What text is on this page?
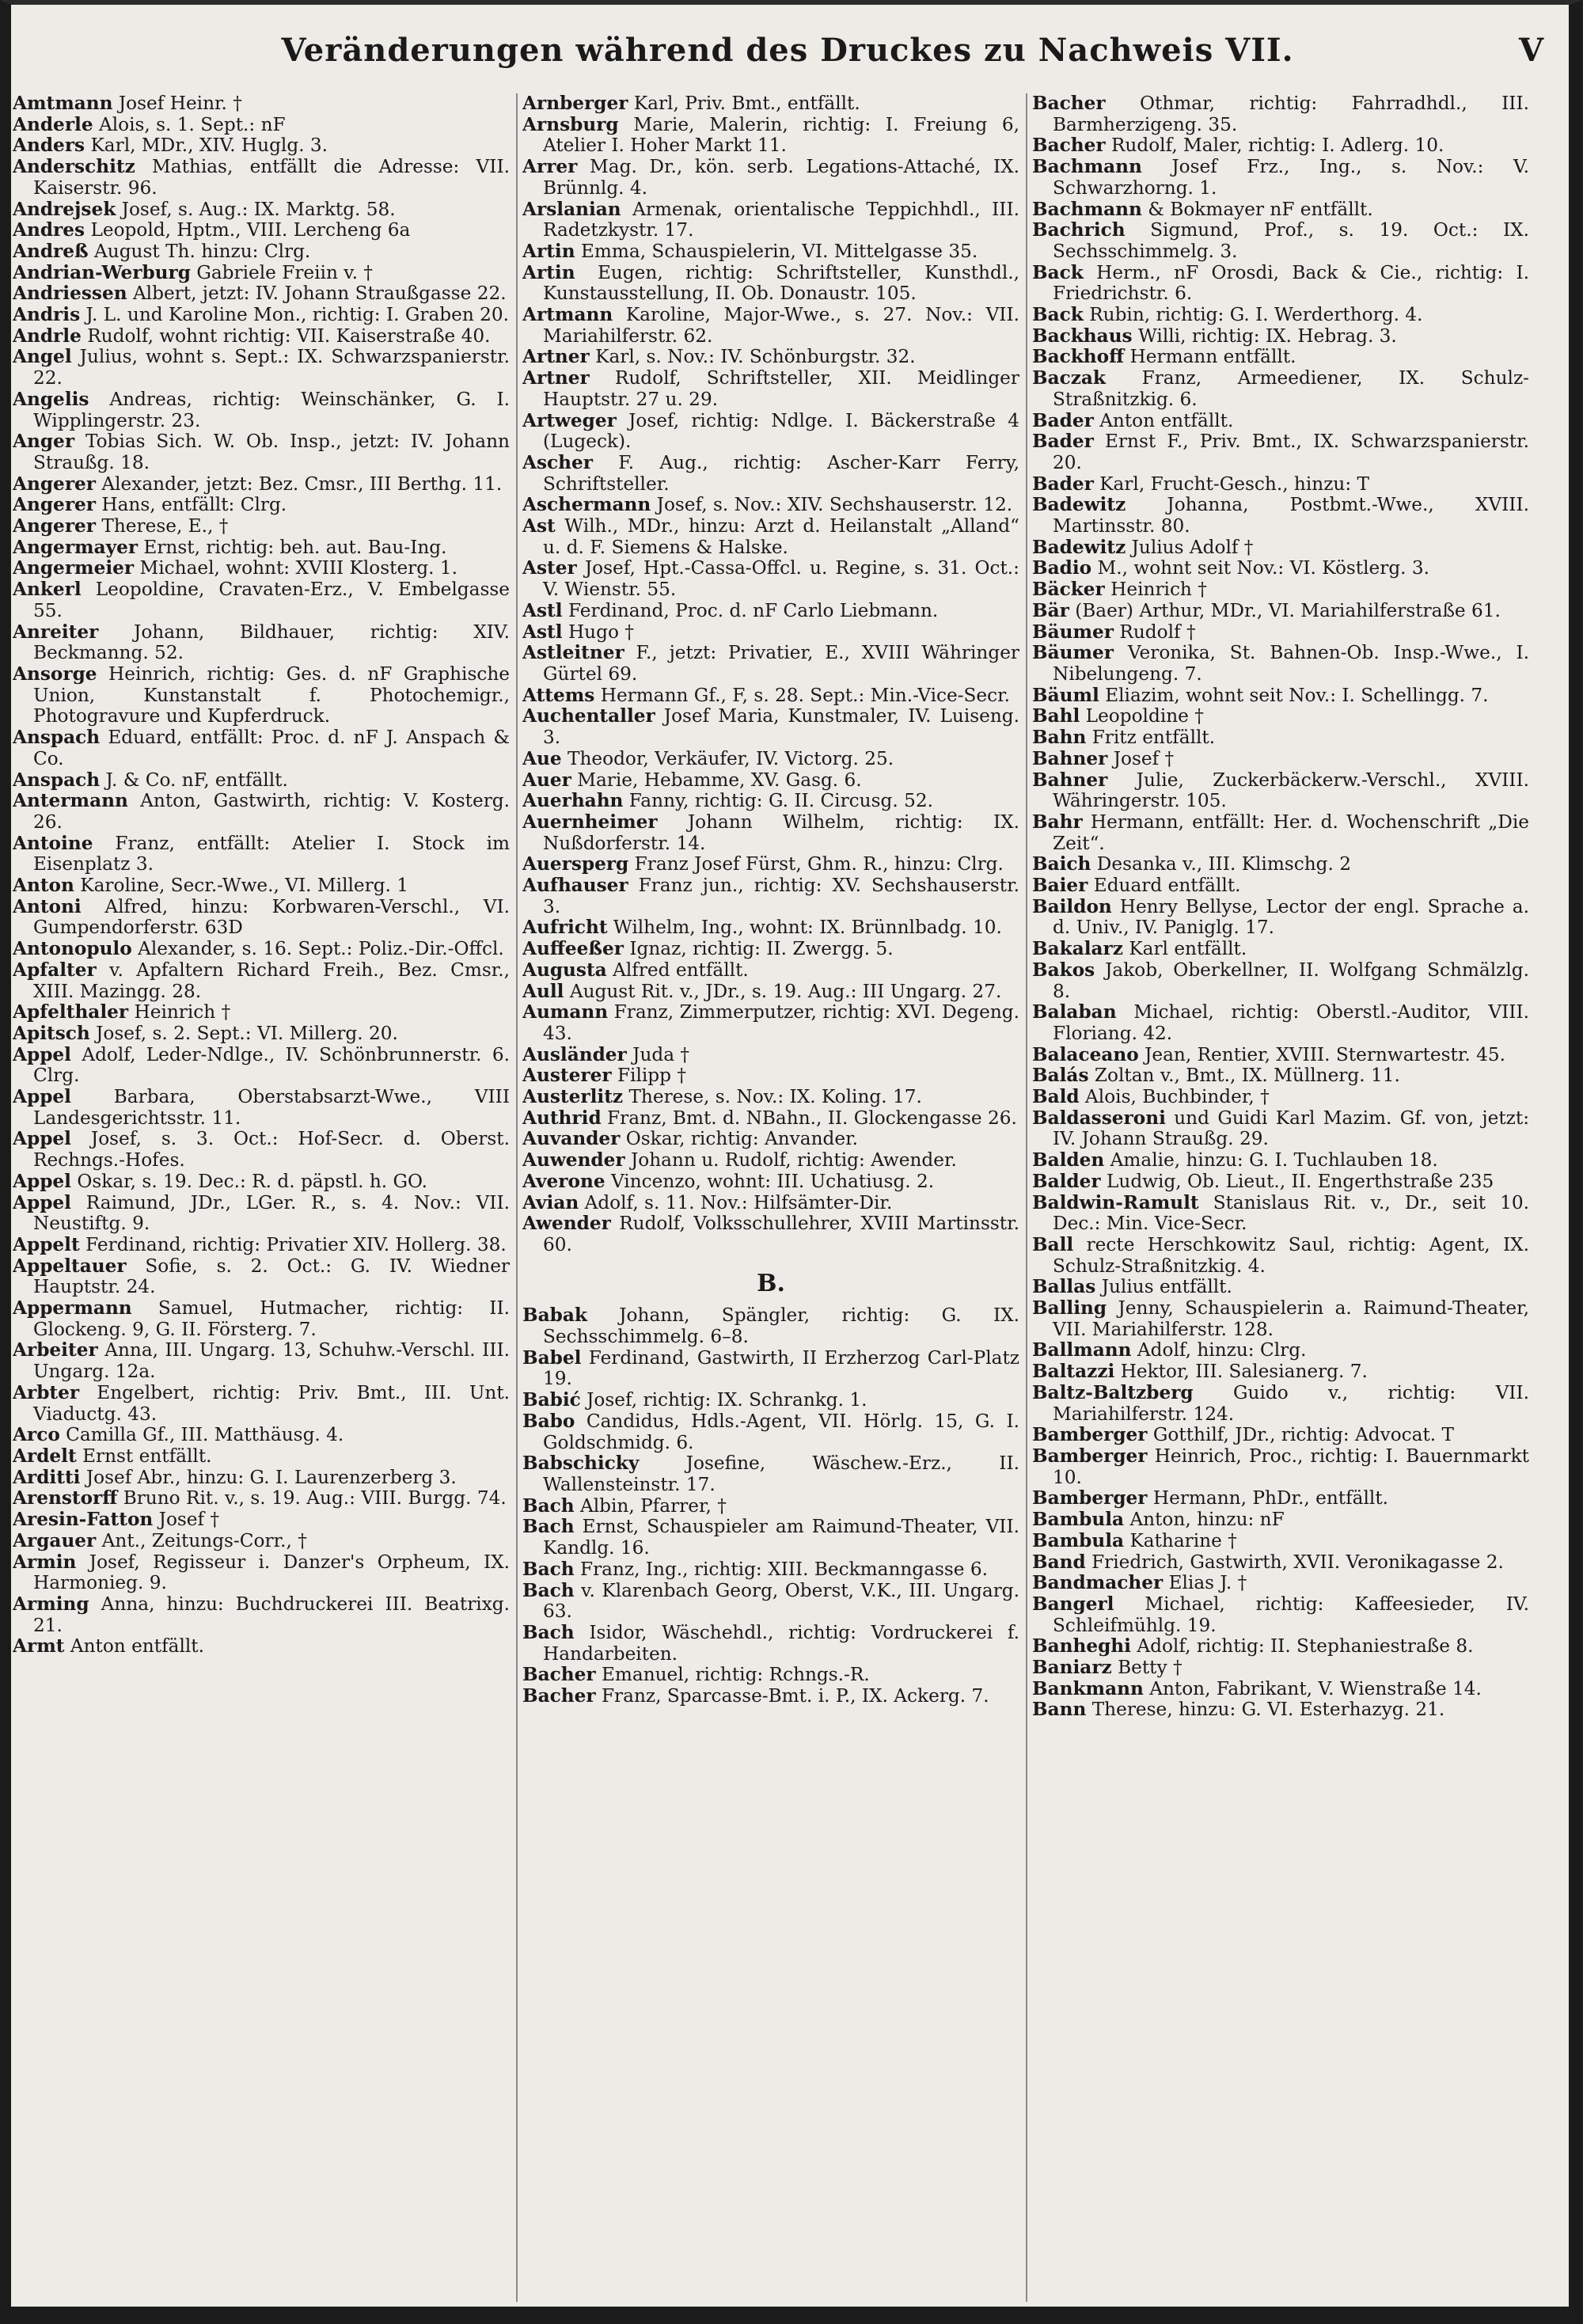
Veränderungen während des Druckes zu Nachweis VII.	V

Amtmann Josef Heinr. †

Anderle Alois, s. 1. Sept.: nF

Anders Karl, MDr., XIV. Huglg. 3.

Anderschitz Mathias, entfällt die Adresse: VII. Kaiserstr. 96.

Andrejsek Josef, s. Aug.: IX. Marktg. 58.

Andres Leopold, Hptm., VIII. Lercheng 6a

Andreß August Th. hinzu: Clrg.

Andrian-Werburg Gabriele Freiin v. †

Andriessen Albert, jetzt: IV. Johann Straußgasse 22.

Andris J. L. und Karoline Mon., richtig: I. Graben 20.

Andrle Rudolf, wohnt richtig: VII. Kaiserstraße 40.

Angel Julius, wohnt s. Sept.: IX. Schwarzspanierstr. 22.

Angelis Andreas, richtig: Weinschänker, G. I. Wipplingerstr. 23.

Anger Tobias Sich. W. Ob. Insp., jetzt: IV. Johann Straußg. 18.

Angerer Alexander, jetzt: Bez. Cmsr., III Berthg. 11.

Angerer Hans, entfällt: Clrg.

Angerer Therese, E., †

Angermayer Ernst, richtig: beh. aut. Bau-Ing.

Angermeier Michael, wohnt: XVIII Klosterg. 1.

Ankerl Leopoldine, Cravaten-Erz., V. Embelgasse 55.

Anreiter Johann, Bildhauer, richtig: XIV. Beckmanng. 52.

Ansorge Heinrich, richtig: Ges. d. nF Graphische Union, Kunstanstalt f. Photochemigr., Photogravure und Kupferdruck.

Anspach Eduard, entfällt: Proc. d. nF J. Anspach & Co.

Anspach J. & Co. nF, entfällt.

Antermann Anton, Gastwirth, richtig: V. Kosterg. 26.

Antoine Franz, entfällt: Atelier I. Stock im Eisenplatz 3.

Anton Karoline, Secr.-Wwe., VI. Millerg. 1

Antoni Alfred, hinzu: Korbwaren-Verschl., VI. Gumpendorferstr. 63D

Antonopulo Alexander, s. 16. Sept.: Poliz.-Dir.-Offcl.

Apfalter v. Apfaltern Richard Freih., Bez. Cmsr., XIII. Mazingg. 28.

Apfelthaler Heinrich †

Apitsch Josef, s. 2. Sept.: VI. Millerg. 20.

Appel Adolf, Leder-Ndlge., IV. Schönbrunnerstr. 6. Clrg.

Appel Barbara, Oberstabsarzt-Wwe., VIII Landesgerichtsstr. 11.

Appel Josef, s. 3. Oct.: Hof-Secr. d. Oberst. Rechngs.-Hofes.

Appel Oskar, s. 19. Dec.: R. d. päpstl. h. GO.

Appel Raimund, JDr., LGer. R., s. 4. Nov.: VII. Neustiftg. 9.

Appelt Ferdinand, richtig: Privatier XIV. Hollerg. 38.

Appeltauer Sofie, s. 2. Oct.: G. IV. Wiedner Hauptstr. 24.

Appermann Samuel, Hutmacher, richtig: II. Glockeng. 9, G. II. Försterg. 7.

Arbeiter Anna, III. Ungarg. 13, Schuhw.-Verschl. III. Ungarg. 12a.

Arbter Engelbert, richtig: Priv. Bmt., III. Unt. Viaductg. 43.

Arco Camilla Gf., III. Matthäusg. 4.

Ardelt Ernst entfällt.

Arditti Josef Abr., hinzu: G. I. Laurenzerberg 3.

Arenstorff Bruno Rit. v., s. 19. Aug.: VIII. Burgg. 74.

Aresin-Fatton Josef †

Argauer Ant., Zeitungs-Corr., †

Armin Josef, Regisseur i. Danzer's Orpheum, IX. Harmonieg. 9.

Arming Anna, hinzu: Buchdruckerei III. Beatrixg. 21.

Armt Anton entfällt.

Arnberger Karl, Priv. Bmt., entfällt.

Arnsburg Marie, Malerin, richtig: I. Freiung 6, Atelier I. Hoher Markt 11.

Arrer Mag. Dr., kön. serb. Legations-Attaché, IX. Brünnlg. 4.

Arslanian Armenak, orientalische Teppichhdl., III. Radetzkystr. 17.

Artin Emma, Schauspielerin, VI. Mittelgasse 35.

Artin Eugen, richtig: Schriftsteller, Kunsthdl., Kunstausstellung, II. Ob. Donaustr. 105.

Artmann Karoline, Major-Wwe., s. 27. Nov.: VII. Mariahilferstr. 62.

Artner Karl, s. Nov.: IV. Schönburgstr. 32.

Artner Rudolf, Schriftsteller, XII. Meidlinger Hauptstr. 27 u. 29.

Artweger Josef, richtig: Ndlge. I. Bäckerstraße 4 (Lugeck).

Ascher F. Aug., richtig: Ascher-Karr Ferry, Schriftsteller.

Aschermann Josef, s. Nov.: XIV. Sechshauserstr. 12.

Ast Wilh., MDr., hinzu: Arzt d. Heilanstalt „Alland“ u. d. F. Siemens & Halske.

Aster Josef, Hpt.-Cassa-Offcl. u. Regine, s. 31. Oct.: V. Wienstr. 55.

Astl Ferdinand, Proc. d. nF Carlo Liebmann.

Astl Hugo †

Astleitner F., jetzt: Privatier, E., XVIII Währinger Gürtel 69.

Attems Hermann Gf., F, s. 28. Sept.: Min.-Vice-Secr.

Auchentaller Josef Maria, Kunstmaler, IV. Luiseng. 3.

Aue Theodor, Verkäufer, IV. Victorg. 25.

Auer Marie, Hebamme, XV. Gasg. 6.

Auerhahn Fanny, richtig: G. II. Circusg. 52.

Auernheimer Johann Wilhelm, richtig: IX. Nußdorferstr. 14.

Auersperg Franz Josef Fürst, Ghm. R., hinzu: Clrg.

Aufhauser Franz jun., richtig: XV. Sechshauserstr. 3.

Aufricht Wilhelm, Ing., wohnt: IX. Brünnlbadg. 10.

Auffeeßer Ignaz, richtig: II. Zwergg. 5.

Augusta Alfred entfällt.

Aull August Rit. v., JDr., s. 19. Aug.: III Ungarg. 27.

Aumann Franz, Zimmerputzer, richtig: XVI. Degeng. 43.

Ausländer Juda †

Austerer Filipp †

Austerlitz Therese, s. Nov.: IX. Koling. 17.

Authrid Franz, Bmt. d. NBahn., II. Glockengasse 26.

Auvander Oskar, richtig: Anvander.

Auwender Johann u. Rudolf, richtig: Awender.

Averone Vincenzo, wohnt: III. Uchatiusg. 2.

Avian Adolf, s. 11. Nov.: Hilfsämter-Dir.

Awender Rudolf, Volksschullehrer, XVIII Martinsstr. 60.

B.

Babak Johann, Spängler, richtig: G. IX. Sechsschimmelg. 6–8.

Babel Ferdinand, Gastwirth, II Erzherzog Carl-Platz 19.

Babić Josef, richtig: IX. Schrankg. 1.

Babo Candidus, Hdls.-Agent, VII. Hörlg. 15, G. I. Goldschmidg. 6.

Babschicky	Josefine, Wäschew.-Erz., II. Wallensteinstr. 17.

Bach Albin, Pfarrer, †

Bach Ernst, Schauspieler am Raimund-Theater, VII. Kandlg. 16.

Bach Franz, Ing., richtig: XIII. Beckmanngasse 6.

Bach v. Klarenbach Georg, Oberst, V.K., III. Ungarg. 63.

Bach Isidor, Wäschehdl., richtig: Vordruckerei f. Handarbeiten.

Bacher Emanuel, richtig: Rchngs.-R.

Bacher Franz, Sparcasse-Bmt. i. P., IX. Ackerg. 7.

Bacher Othmar, richtig: Fahrradhdl., III. Barmherzigeng. 35.

Bacher Rudolf, Maler, richtig: I. Adlerg. 10.

Bachmann Josef Frz., Ing., s. Nov.: V. Schwarzhorng. 1.

Bachmann & Bokmayer nF entfällt.

Bachrich Sigmund, Prof., s. 19. Oct.: IX. Sechsschimmelg. 3.

Back Herm., nF Orosdi, Back & Cie., richtig: I. Friedrichstr. 6.

Back Rubin, richtig: G. I. Werderthorg. 4.

Backhaus Willi, richtig: IX. Hebrag. 3.

Backhoff Hermann entfällt.

Baczak Franz, Armeediener, IX. Schulz-Straßnitzkig. 6.

Bader Anton entfällt.

Bader Ernst F., Priv. Bmt., IX. Schwarzspanierstr. 20.

Bader Karl, Frucht-Gesch., hinzu: T

Badewitz Johanna, Postbmt.-Wwe., XVIII. Martinsstr. 80.

Badewitz Julius Adolf †

Badio M., wohnt seit Nov.: VI. Köstlerg. 3.

Bäcker Heinrich †

Bär (Baer) Arthur, MDr., VI. Mariahilferstraße 61.

Bäumer Rudolf †

Bäumer Veronika, St. Bahnen-Ob. Insp.-Wwe., I. Nibelungeng. 7.

Bäuml Eliazim, wohnt seit Nov.: I. Schellingg. 7.

Bahl Leopoldine †

Bahn Fritz entfällt.

Bahner Josef †

Bahner Julie, Zuckerbäckerw.-Verschl., XVIII. Währingerstr. 105.

Bahr Hermann, entfällt: Her. d. Wochenschrift „Die Zeit“.

Baich Desanka v., III. Klimschg. 2

Baier Eduard entfällt.

Baildon Henry Bellyse, Lector der engl. Sprache a. d. Univ., IV. Paniglg. 17.

Bakalarz Karl entfällt.

Bakos Jakob, Oberkellner, II. Wolfgang Schmälzlg. 8.

Balaban Michael, richtig: Oberstl.-Auditor, VIII. Floriang. 42.

Balaceano Jean, Rentier, XVIII. Sternwartestr. 45.

Balás Zoltan v., Bmt., IX. Müllnerg. 11.

Bald Alois, Buchbinder, †

Baldasseroni und Guidi Karl Mazim. Gf. von, jetzt: IV. Johann Straußg. 29.

Balden Amalie, hinzu: G. I. Tuchlauben 18.

Balder Ludwig, Ob. Lieut., II. Engerthstraße 235

Baldwin-Ramult Stanislaus Rit. v., Dr., seit 10. Dec.: Min. Vice-Secr.

Ball recte Herschkowitz Saul, richtig: Agent, IX. Schulz-Straßnitzkig. 4.

Ballas Julius entfällt.

Balling Jenny, Schauspielerin a. Raimund-Theater, VII. Mariahilferstr. 128.

Ballmann Adolf, hinzu: Clrg.

Baltazzi Hektor, III. Salesianerg. 7.

Baltz-Baltzberg Guido v., richtig: VII. Mariahilferstr. 124.

Bamberger Gotthilf, JDr., richtig: Advocat. T

Bamberger Heinrich, Proc., richtig: I. Bauernmarkt 10.

Bamberger Hermann, PhDr., entfällt.

Bambula Anton, hinzu: nF

Bambula Katharine †

Band Friedrich, Gastwirth, XVII. Veronikagasse 2.

Bandmacher Elias J. †

Bangerl Michael, richtig: Kaffeesieder, IV. Schleifmühlg. 19.

Banheghi Adolf, richtig: II. Stephaniestraße 8.

Baniarz Betty †

Bankmann Anton, Fabrikant, V. Wienstraße 14.

Bann Therese, hinzu: G. VI. Esterhazyg. 21.
